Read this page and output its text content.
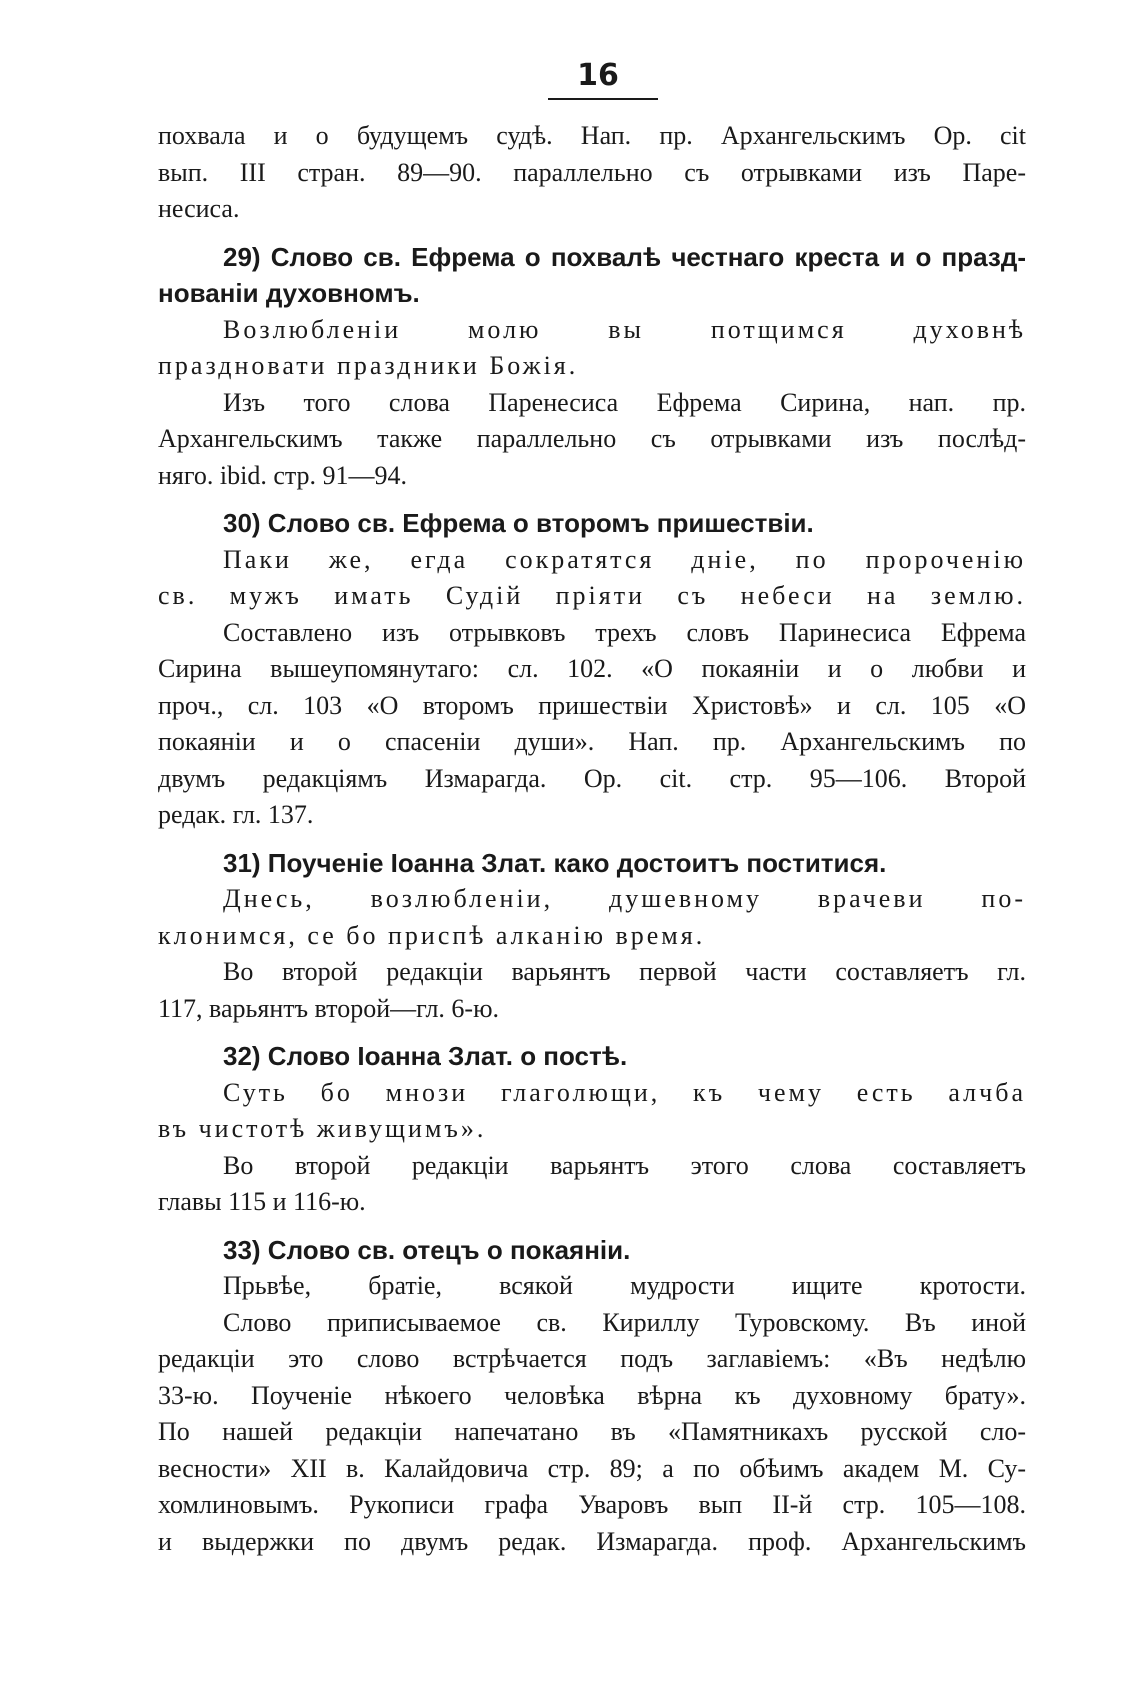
16
похвала и о будущемъ судѣ. Нап. пр. Архангельскимъ Op. cit
вып. III стран. 89—90. параллельно съ отрывками изъ Паре-
несиса.
29) Слово св. Ефрема о похвалѣ честнаго креста и о празд-
нованіи духовномъ.
Возлюбленіи молю вы потщимся духовнѣ
праздновати праздники Божія.
Изъ того слова Паренесиса Ефрема Сирина, нап. пр.
Архангельскимъ также параллельно съ отрывками изъ послѣд-
няго. ibid. стр. 91—94.
30) Слово св. Ефрема о второмъ пришествіи.
Паки же, егда сократятся дніе, по пророченію
св. мужъ имать Судій пріяти съ небеси на землю.
Составлено изъ отрывковъ трехъ словъ Паринесиса Ефрема
Сирина вышеупомянутаго: сл. 102. «О покаяніи и о любви и
проч., сл. 103 «О второмъ пришествіи Христовѣ» и сл. 105 «О
покаяніи и о спасеніи души». Нап. пр. Архангельскимъ по
двумъ редакціямъ Измарагда. Op. cit. стр. 95—106. Второй
редак. гл. 137.
31) Поученіе Іоанна Злат. како достоитъ поститися.
Днесь, возлюбленіи, душевному врачеви по-
клонимся, се бо приспѣ алканію время.
Во второй редакціи варьянтъ первой части составляетъ гл.
117, варьянтъ второй—гл. 6-ю.
32) Слово Іоанна Злат. о постѣ.
Суть бо мнози глаголющи, къ чему есть алчба
въ чистотѣ живущимъ».
Во второй редакціи варьянтъ этого слова составляетъ
главы 115 и 116-ю.
33) Слово св. отецъ о покаяніи.
Прьвѣе, братіе, всякой мудрости ищите кротости.
Слово приписываемое св. Кириллу Туровскому. Въ иной
редакціи это слово встрѣчается подъ заглавіемъ: «Въ недѣлю
33-ю. Поученіе нѣкоего человѣка вѣрна къ духовному брату».
По нашей редакціи напечатано въ «Памятникахъ русской сло-
весности» XII в. Калайдовича стр. 89; а по обѣимъ академ М. Су-
хомлиновымъ. Рукописи графа Уваровъ вып II-й стр. 105—108.
и выдержки по двумъ редак. Измарагда. проф. Архангельскимъ
